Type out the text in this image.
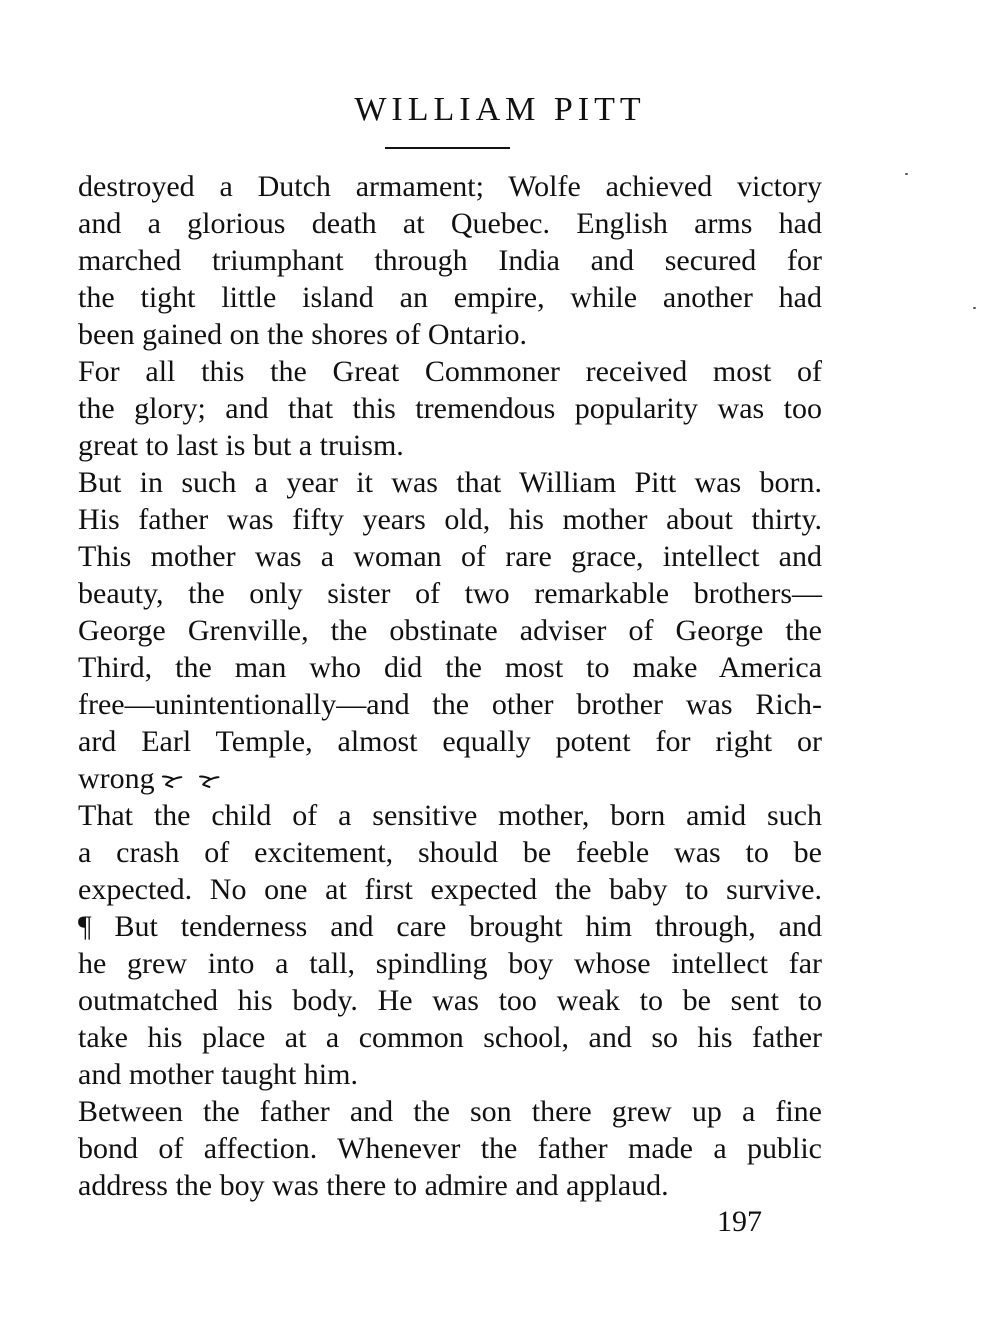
WILLIAM PITT
destroyed a Dutch armament; Wolfe achieved victory
and a glorious death at Quebec. English arms had
marched triumphant through India and secured for
the tight little island an empire, while another had
been gained on the shores of Ontario.
For all this the Great Commoner received most of
the glory; and that this tremendous popularity was too
great to last is but a truism.
But in such a year it was that William Pitt was born.
His father was fifty years old, his mother about thirty.
This mother was a woman of rare grace, intellect and
beauty, the only sister of two remarkable brothers—
George Grenville, the obstinate adviser of George the
Third, the man who did the most to make America
free—unintentionally—and the other brother was Rich-
ard Earl Temple, almost equally potent for right or
wrong ᯘ ᯘ
That the child of a sensitive mother, born amid such
a crash of excitement, should be feeble was to be
expected. No one at first expected the baby to survive.
¶ But tenderness and care brought him through, and
he grew into a tall, spindling boy whose intellect far
outmatched his body. He was too weak to be sent to
take his place at a common school, and so his father
and mother taught him.
Between the father and the son there grew up a fine
bond of affection. Whenever the father made a public
address the boy was there to admire and applaud.
197
